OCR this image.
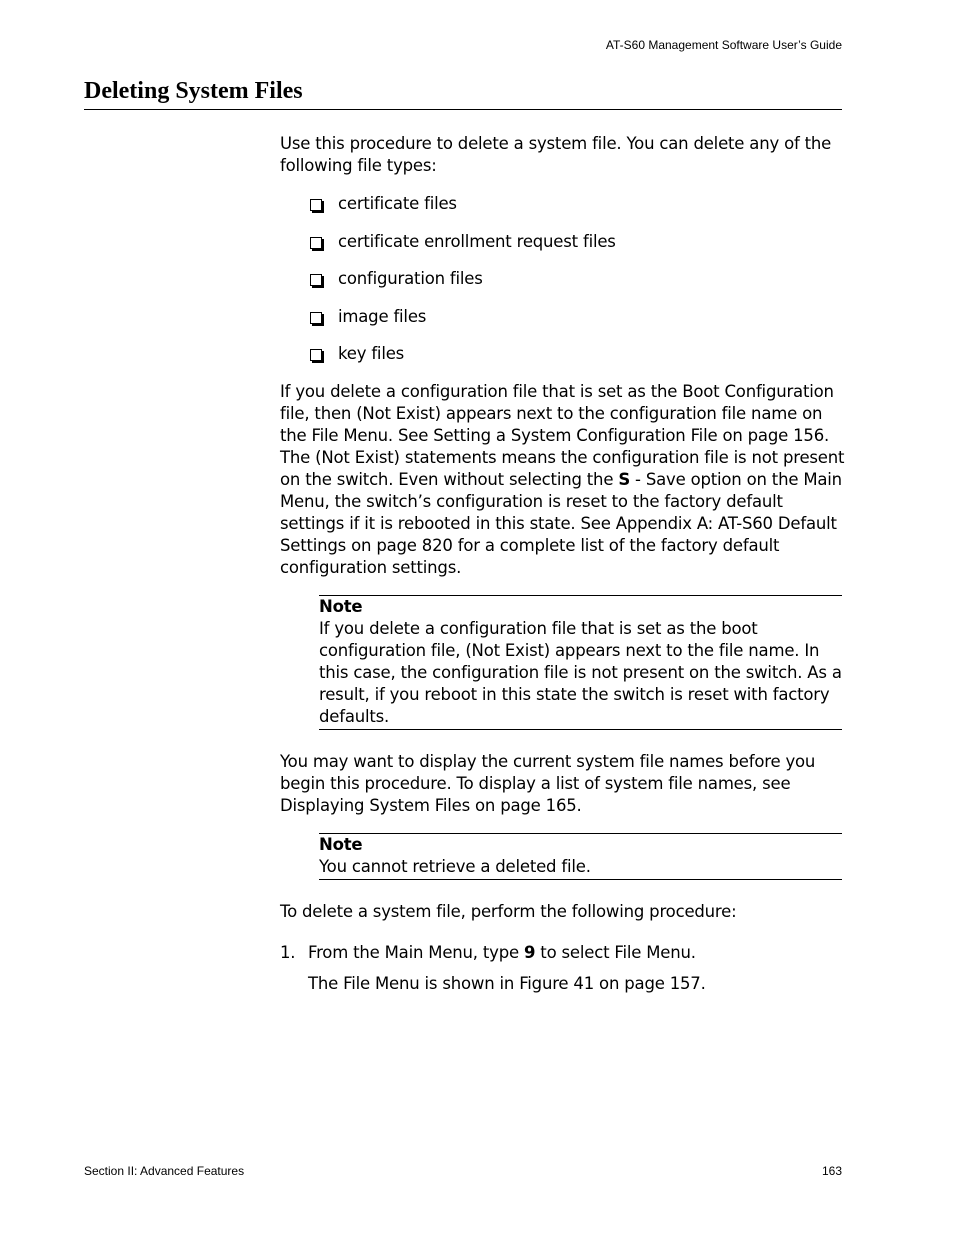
AT-S60 Management Software User’s Guide
Deleting System Files

Use this procedure to delete a system file. You can delete any of the following file types:

certificate files
certificate enrollment request files
configuration files
image files
key files

If you delete a configuration file that is set as the Boot Configuration file, then (Not Exist) appears next to the configuration file name on the File Menu. See Setting a System Configuration File on page 156. The (Not Exist) statements means the configuration file is not present on the switch. Even without selecting the S - Save option on the Main Menu, the switch’s configuration is reset to the factory default settings if it is rebooted in this state. See Appendix A: AT-S60 Default Settings on page 820 for a complete list of the factory default configuration settings.

Note
If you delete a configuration file that is set as the boot configuration file, (Not Exist) appears next to the file name. In this case, the configuration file is not present on the switch. As a result, if you reboot in this state the switch is reset with factory defaults.

You may want to display the current system file names before you begin this procedure. To display a list of system file names, see Displaying System Files on page 165.

Note
You cannot retrieve a deleted file.

To delete a system file, perform the following procedure:

1. From the Main Menu, type 9 to select File Menu.

The File Menu is shown in Figure 41 on page 157.

Section II: Advanced Features	163
